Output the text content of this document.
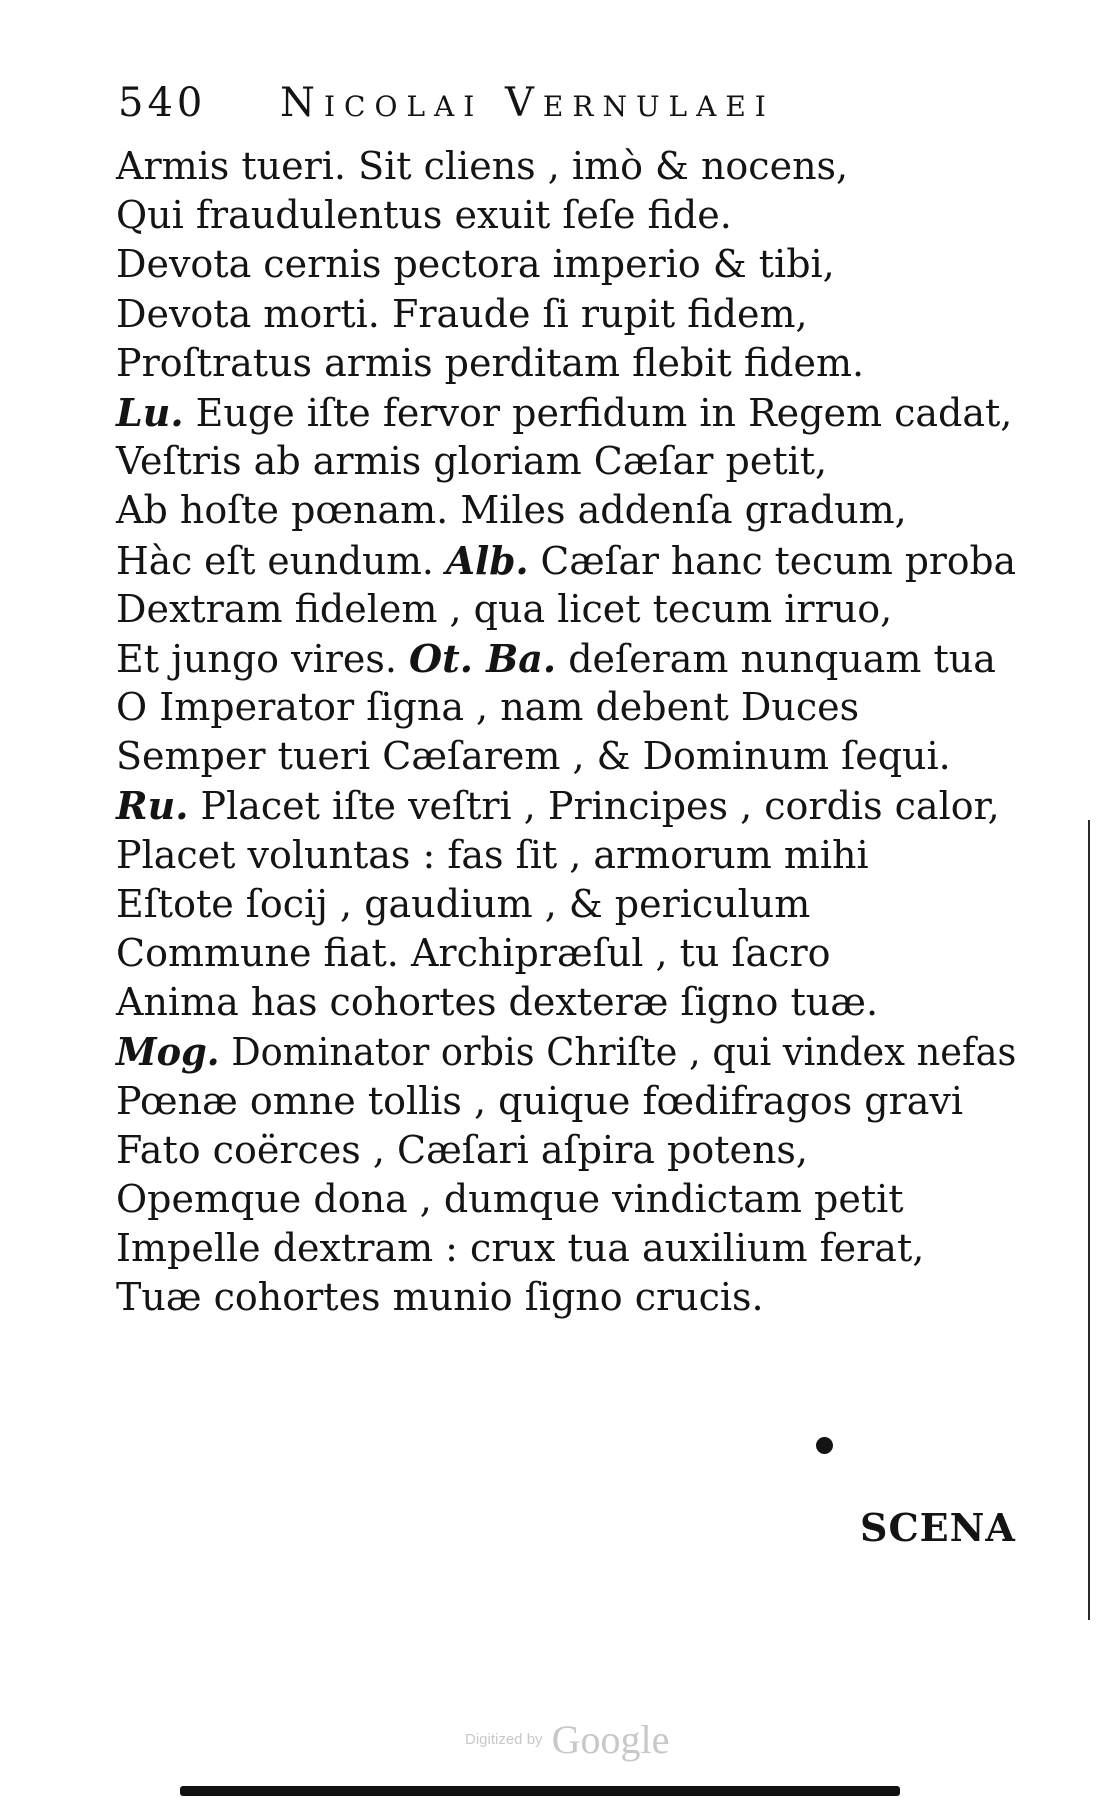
540 Nicolai Vernulaei
Armis tueri. Sit cliens , imò & nocens,
Qui fraudulentus exuit ſeſe fide.
Devota cernis pectora imperio & tibi,
Devota morti. Fraude ſi rupit fidem,
Proſtratus armis perditam flebit fidem.
Lu. Euge iſte fervor perfidum in Regem cadat,
Veſtris ab armis gloriam Cæſar petit,
Ab hoſte pœnam. Miles addenſa gradum,
Hàc eſt eundum. Alb. Cæſar hanc tecum proba
Dextram fidelem , qua licet tecum irruo,
Et jungo vires. Ot. Ba. deſeram nunquam tua
O Imperator ſigna , nam debent Duces
Semper tueri Cæſarem , & Dominum ſequi.
Ru. Placet iſte veſtri , Principes , cordis calor,
Placet voluntas : fas ſit , armorum mihi
Eſtote ſocij , gaudium , & periculum
Commune fiat. Archipræſul , tu ſacro
Anima has cohortes dexteræ ſigno tuæ.
Mog. Dominator orbis Chriſte , qui vindex nefas
Pœnæ omne tollis , quique fœdifragos gravi
Fato coërces , Cæſari aſpira potens,
Opemque dona , dumque vindictam petit
Impelle dextram : crux tua auxilium ferat,
Tuæ cohortes munio ſigno crucis.
SCENA
Digitized by Google
